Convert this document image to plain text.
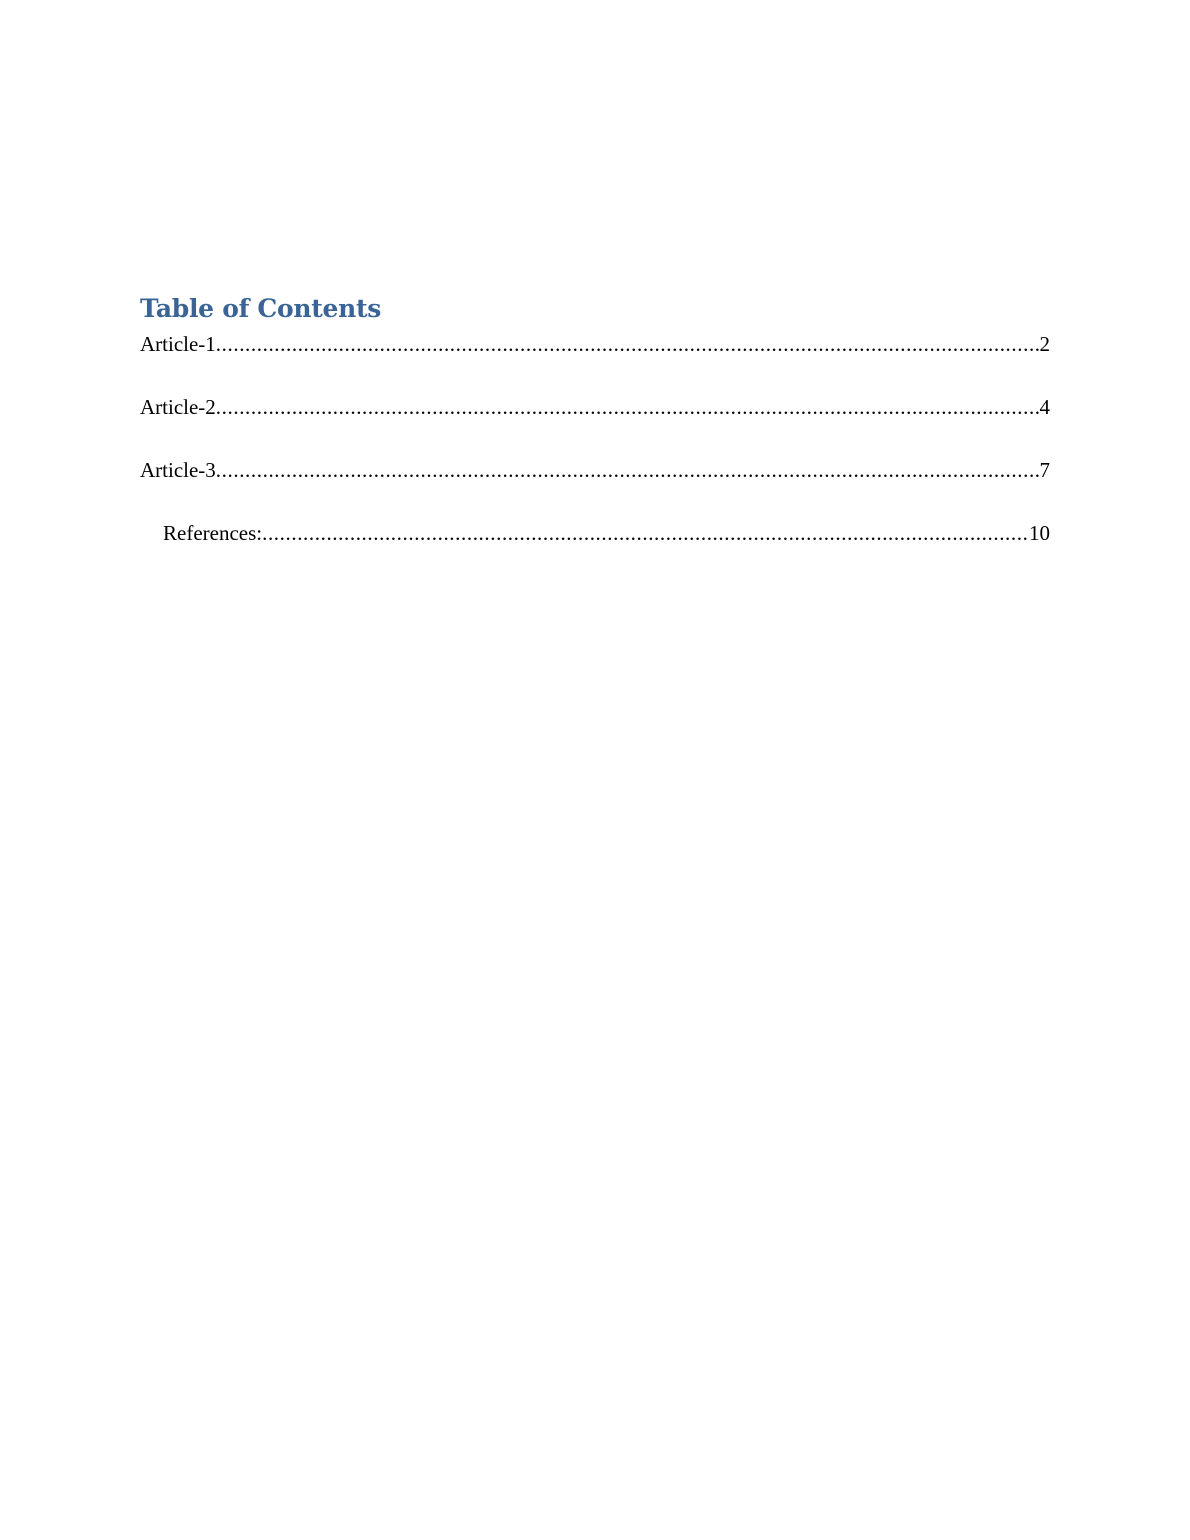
Table of Contents
Article-1 .....	2
Article-2 .....	4
Article-3 .....	7
References: .....	10
